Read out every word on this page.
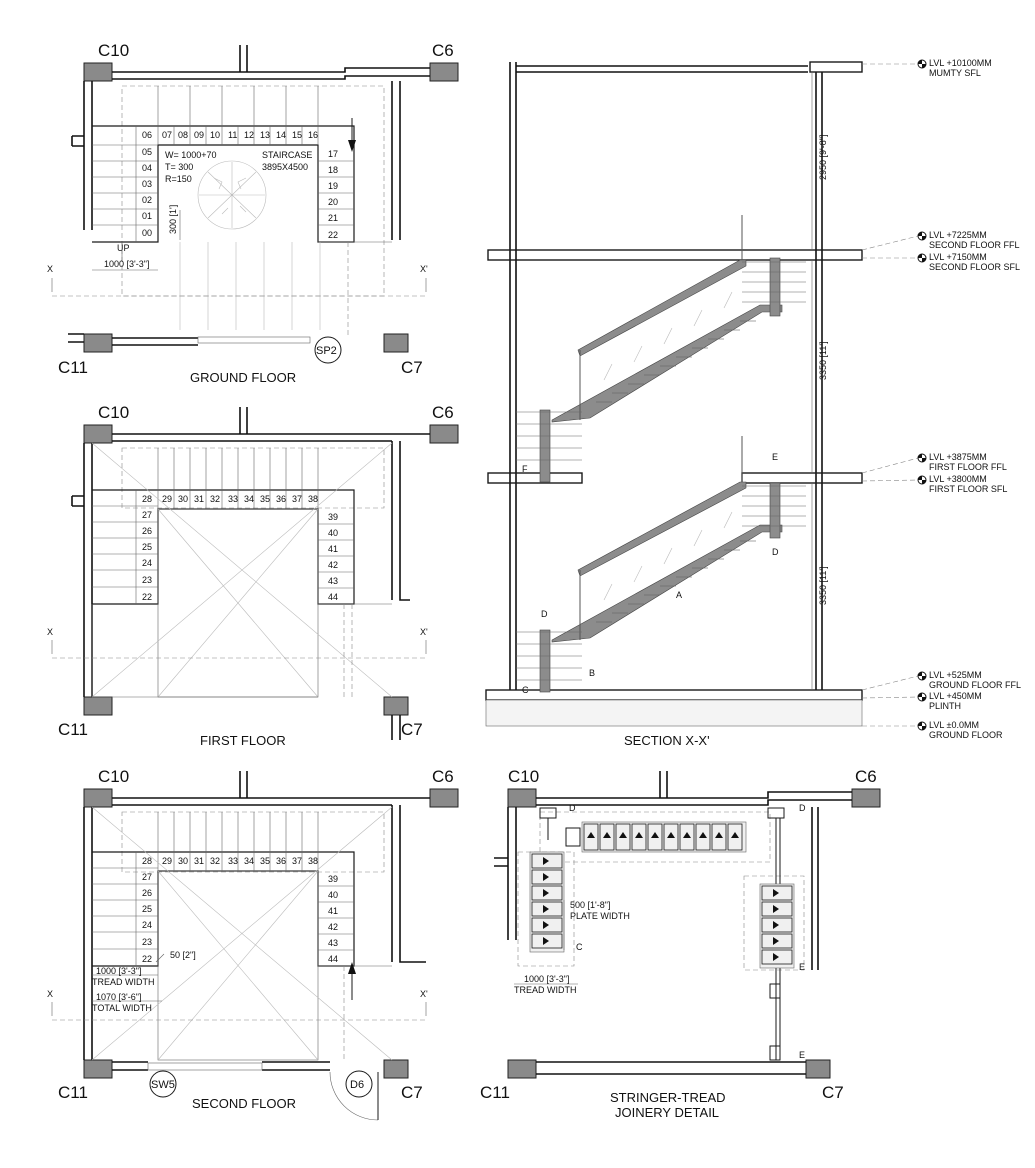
C10	C6
C11	C7
06 07 08 09 10 11 12 13 14 15 16
05
04
03
02
01
00
17
18
19
20
21
22
W= 1000+70
T= 300
R=150
STAIRCASE
3895X4500
300 [1']
UP
1000 [3'-3"]
X	X'
SP2
GROUND FLOOR
C10	C6
C11	C7
28 29 30 31 32 33 34 35 36 37 38
27
26
25
24
23
22
39
40
41
42
43
44
X	X'
FIRST FLOOR
C10	C6
C11	C7
28 29 30 31 32 33 34 35 36 37 38
27
26
25
24
23
22
39
40
41
42
43
44
50 [2"]
1000 [3'-3"]
TREAD WIDTH
1070 [3'-6"]
TOTAL WIDTH
X	X'
SW5	D6
SECOND FLOOR
2950 [9'-8"]
3350 [11']
3350 [11']
LVL +10100MM
MUMTY SFL
LVL +7225MM
SECOND FLOOR FFL
LVL +7150MM
SECOND FLOOR SFL
LVL +3875MM
FIRST FLOOR FFL
LVL +3800MM
FIRST FLOOR SFL
LVL +525MM
GROUND FLOOR FFL
LVL +450MM
PLINTH
LVL ±0.0MM
GROUND FLOOR
A
B
C
D
D
E
F
SECTION X-X'
C10	C6
C11	C7
D	D
C
E
E
500 [1'-8"]
PLATE WIDTH
1000 [3'-3"]
TREAD WIDTH
STRINGER-TREAD
JOINERY DETAIL
